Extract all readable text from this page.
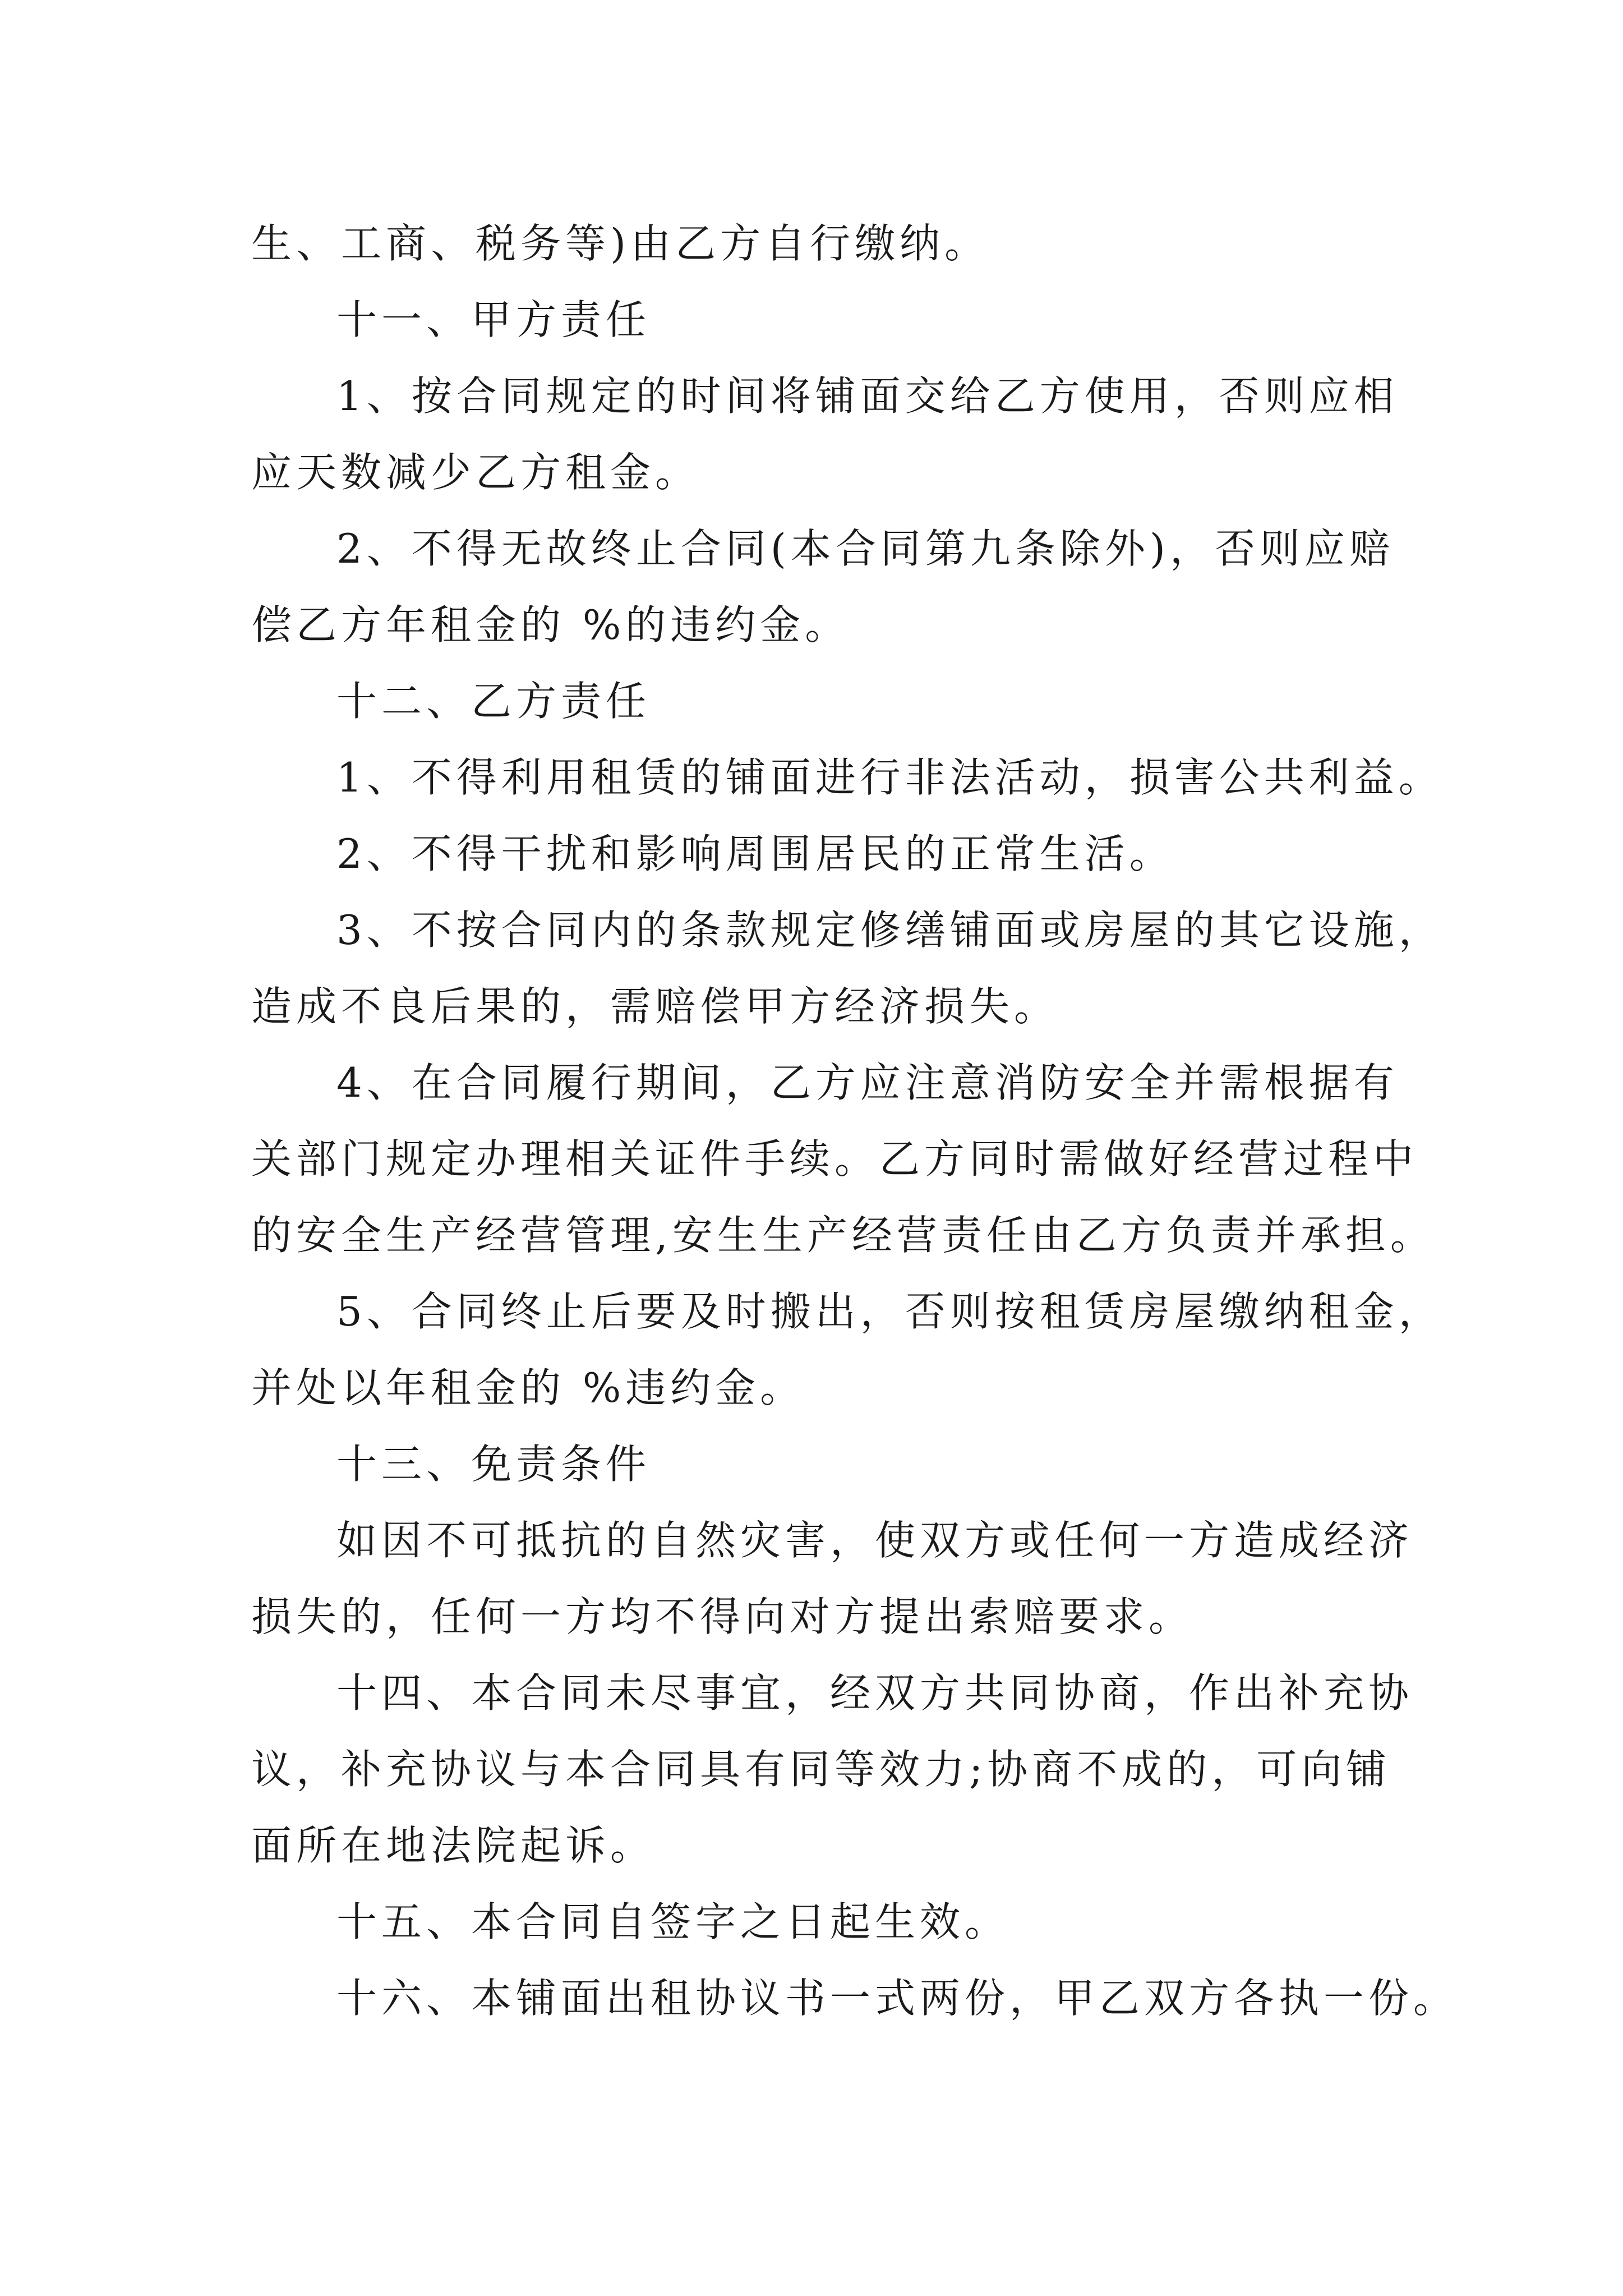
生、工商、税务等)由乙方自行缴纳。
十一、甲方责任
1、按合同规定的时间将铺面交给乙方使用，否则应相
应天数减少乙方租金。
2、不得无故终止合同(本合同第九条除外)，否则应赔
偿乙方年租金的 %的违约金。
十二、乙方责任
1、不得利用租赁的铺面进行非法活动，损害公共利益。
2、不得干扰和影响周围居民的正常生活。
3、不按合同内的条款规定修缮铺面或房屋的其它设施，
造成不良后果的，需赔偿甲方经济损失。
4、在合同履行期间，乙方应注意消防安全并需根据有
关部门规定办理相关证件手续。乙方同时需做好经营过程中
的安全生产经营管理,安生生产经营责任由乙方负责并承担。
5、合同终止后要及时搬出，否则按租赁房屋缴纳租金，
并处以年租金的 %违约金。
十三、免责条件
如因不可抵抗的自然灾害，使双方或任何一方造成经济
损失的，任何一方均不得向对方提出索赔要求。
十四、本合同未尽事宜，经双方共同协商，作出补充协
议，补充协议与本合同具有同等效力;协商不成的，可向铺
面所在地法院起诉。
十五、本合同自签字之日起生效。
十六、本铺面出租协议书一式两份，甲乙双方各执一份。
